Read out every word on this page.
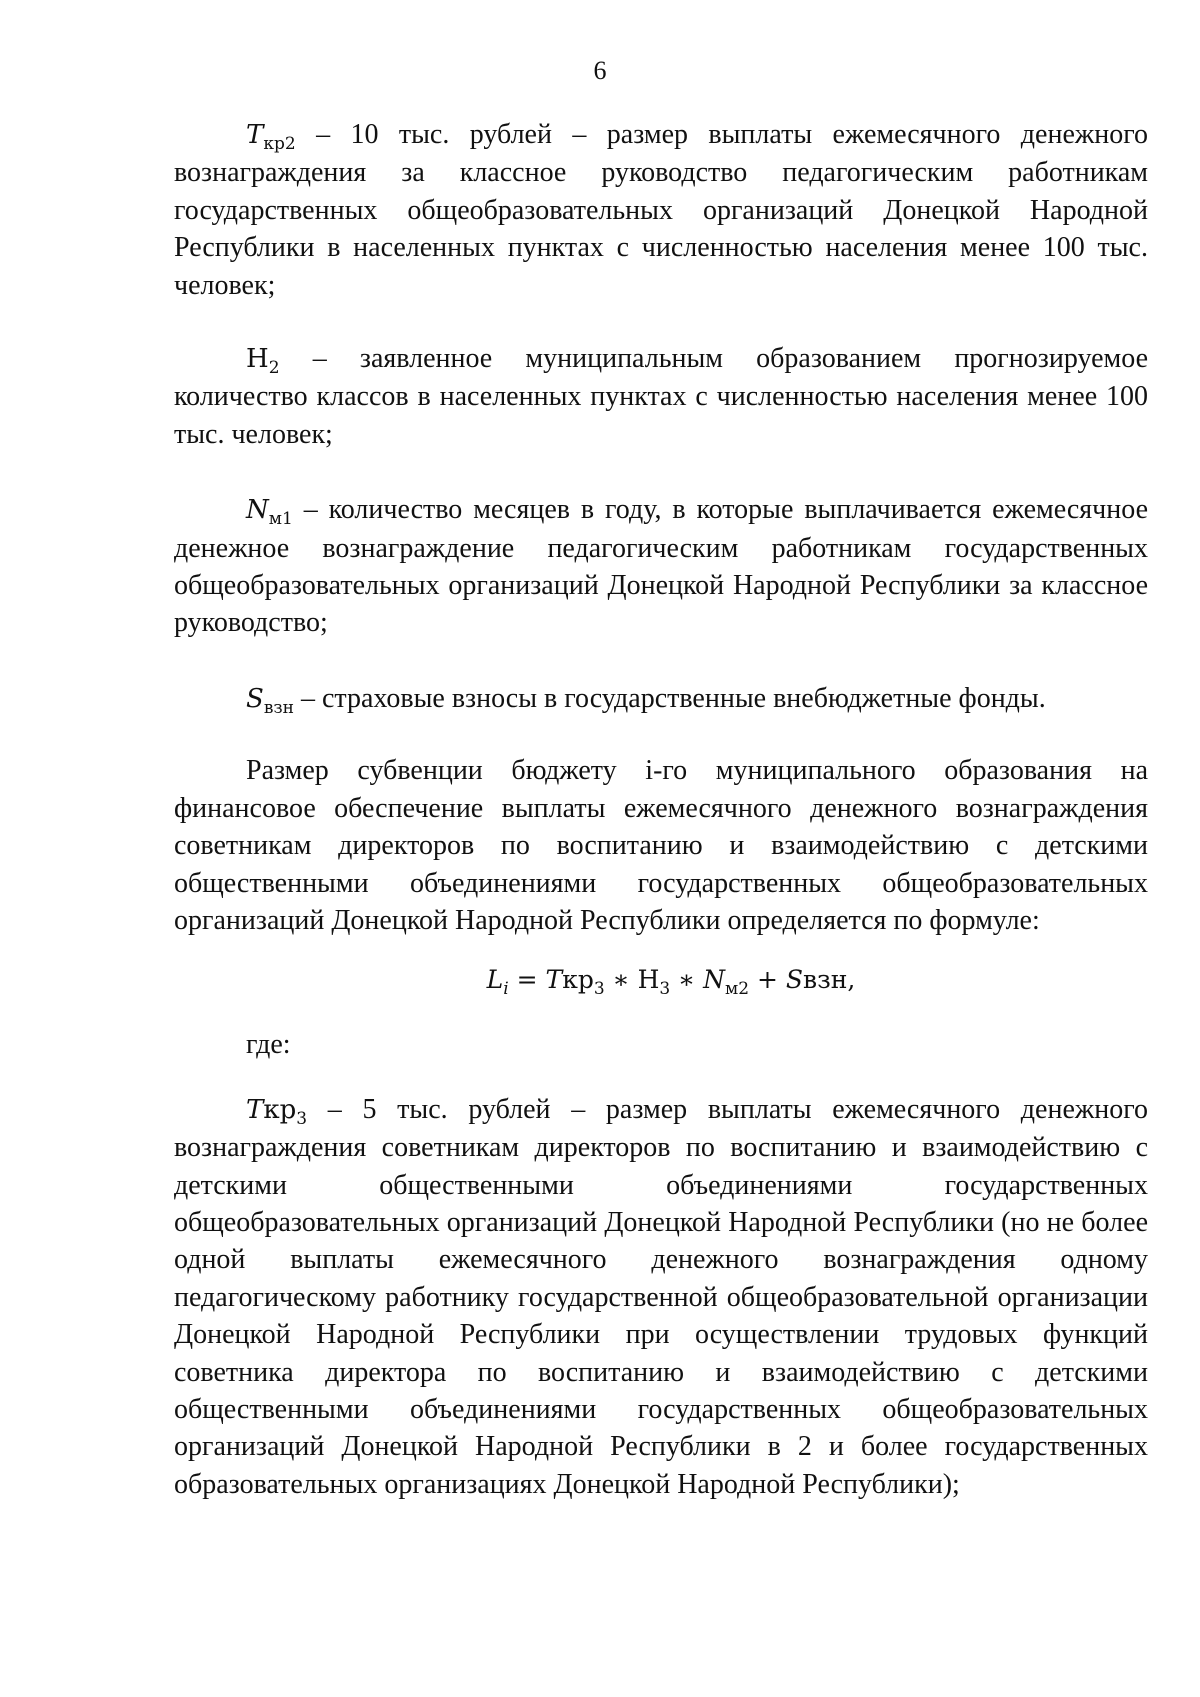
6

$T_{кр2} - 10$ тыс. рублей – размер выплаты ежемесячного денежного вознаграждения за классное руководство педагогическим работникам государственных общеобразовательных организаций Донецкой Народной Республики в населенных пунктах с численностью населения менее 100 тыс. человек;

$Н_2$ – заявленное муниципальным образованием прогнозируемое количество классов в населенных пунктах с численностью населения менее 100 тыс. человек;

$N_{м1}$ – количество месяцев в году, в которые выплачивается ежемесячное денежное вознаграждение педагогическим работникам государственных общеобразовательных организаций Донецкой Народной Республики за классное руководство;

$S_{взн}$ – страховые взносы в государственные внебюджетные фонды.

Размер субвенции бюджету i-го муниципального образования на финансовое обеспечение выплаты ежемесячного денежного вознаграждения советникам директоров по воспитанию и взаимодействию с детскими общественными объединениями государственных общеобразовательных организаций Донецкой Народной Республики определяется по формуле:

$L_i = Tкр_3$ ∗ $Н_3$ ∗ $N_{м2}$ + Sвзн,

где:

Tкр$_3$ – 5 тыс. рублей – размер выплаты ежемесячного денежного вознаграждения советникам директоров по воспитанию и взаимодействию с детскими общественными объединениями государственных общеобразовательных организаций Донецкой Народной Республики (но не более одной выплаты ежемесячного денежного вознаграждения одному педагогическому работнику государственной общеобразовательной организации Донецкой Народной Республики при осуществлении трудовых функций советника директора по воспитанию и взаимодействию с детскими общественными объединениями государственных общеобразовательных организаций Донецкой Народной Республики в 2 и более государственных образовательных организациях Донецкой Народной Республики);
